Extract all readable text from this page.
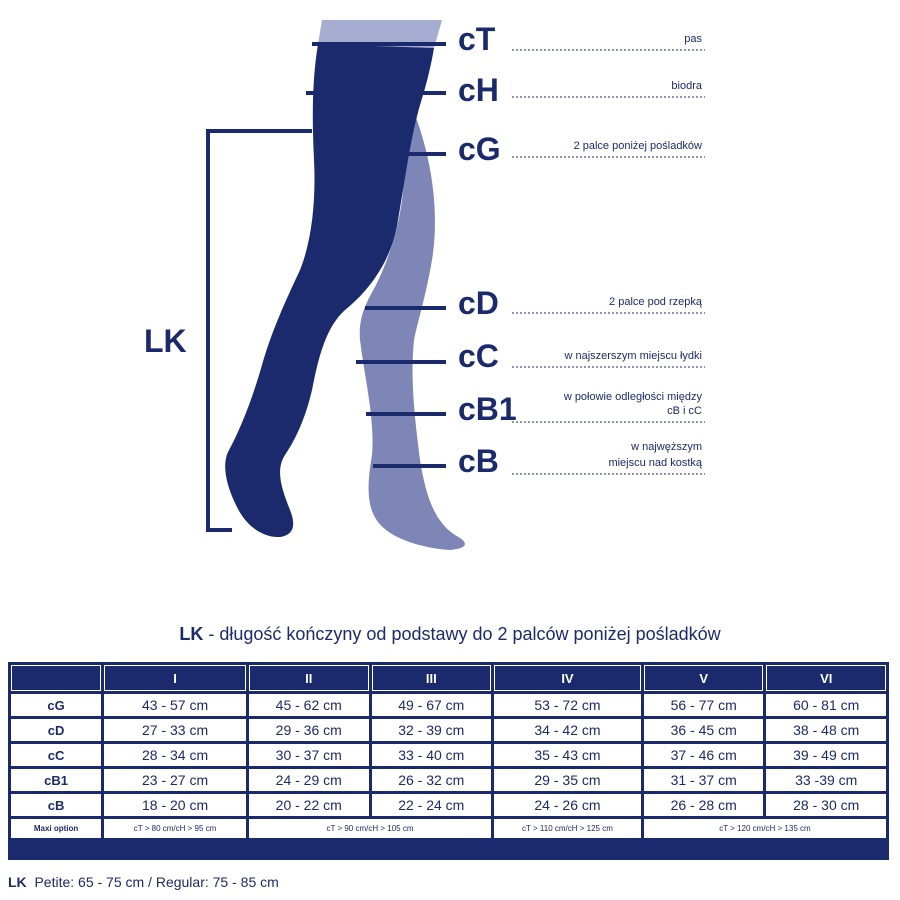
cT
cH
cG
cD
cC
cB1
cB
LK
pas
biodra
2 palce poniżej pośladków
2 palce pod rzepką
w najszerszym miejscu łydki
w połowie odległości między
cB i cC
w najwęższym
miejscu nad kostką
LK - długość kończyny od podstawy do 2 palców poniżej pośladków
	I	II	III	IV	V	VI
cG	43 - 57 cm	45 - 62 cm	49 - 67 cm	53 - 72 cm	56 - 77 cm	60 - 81 cm
cD	27 - 33 cm	29 - 36 cm	32 - 39 cm	34 - 42 cm	36 - 45 cm	38 - 48 cm
cC	28 - 34 cm	30 - 37 cm	33 - 40 cm	35 - 43 cm	37 - 46 cm	39 - 49 cm
cB1	23 - 27 cm	24 - 29 cm	26 - 32 cm	29 - 35 cm	31 - 37 cm	33 -39 cm
cB	18 - 20 cm	20 - 22 cm	22 - 24 cm	24 - 26 cm	26 - 28 cm	28 - 30 cm
Maxi option	cT > 80 cm/cH > 95 cm	cT > 90 cm/cH > 105 cm		cT > 110 cm/cH > 125 cm	cT > 120 cm/cH > 135 cm	
LK  Petite: 65 - 75 cm / Regular: 75 - 85 cm
